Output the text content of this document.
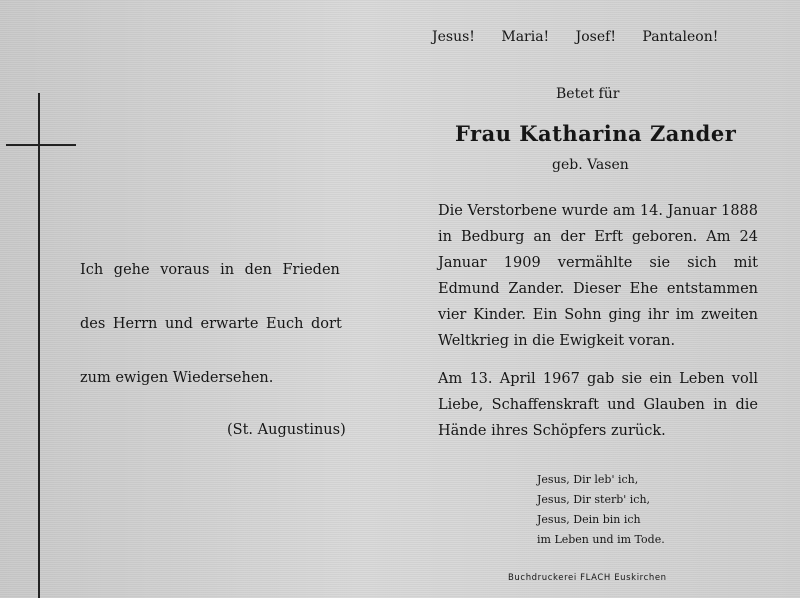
Ich gehe voraus in den Frieden
des Herrn und erwarte Euch dort
zum ewigen Wiedersehen.
(St. Augustinus)
Jesus! Maria! Josef! Pantaleon!
Betet für
Frau Katharina Zander
geb. Vasen

Die Verstorbene wurde am 14. Januar 1888 in Bedburg an der Erft geboren. Am 24 Januar 1909 vermählte sie sich mit Edmund Zander. Dieser Ehe entstammen vier Kinder. Ein Sohn ging ihr im zweiten Weltkrieg in die Ewigkeit voran.

Am 13. April 1967 gab sie ein Leben voll Liebe, Schaffenskraft und Glauben in die Hände ihres Schöpfers zurück.

Jesus, Dir leb' ich,
Jesus, Dir sterb' ich,
Jesus, Dein bin ich
im Leben und im Tode.
Buchdruckerei FLACH Euskirchen
